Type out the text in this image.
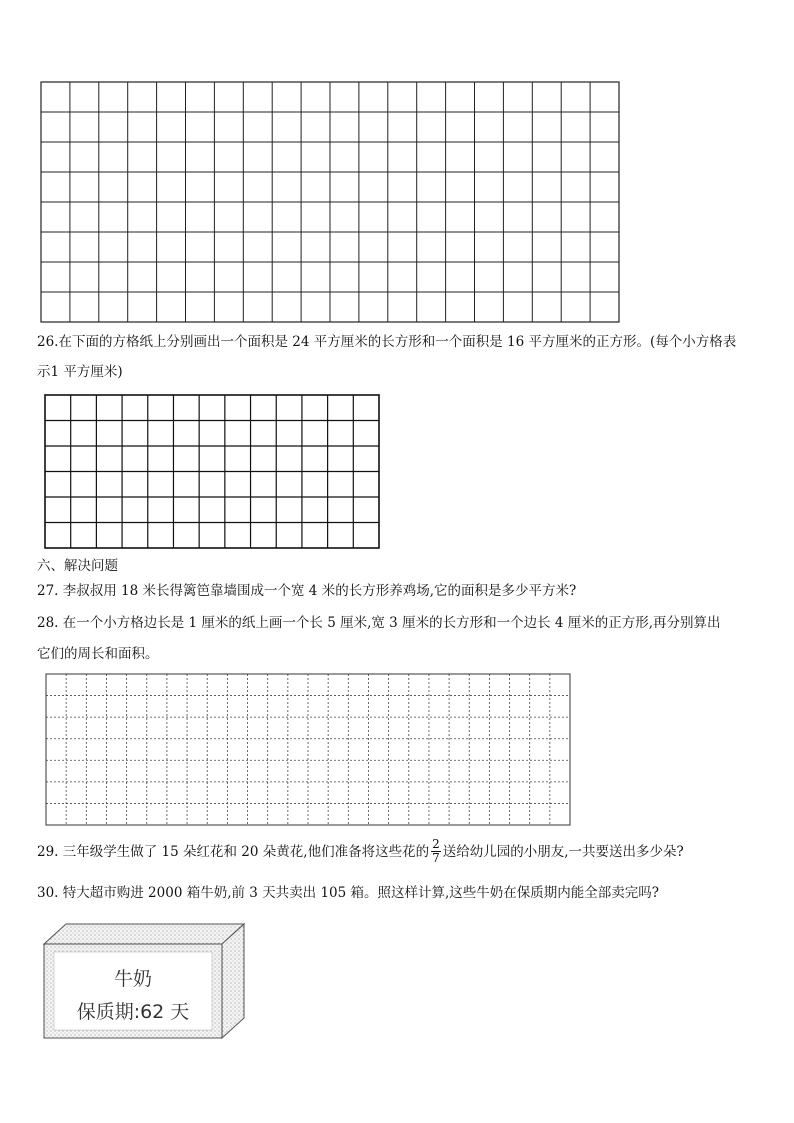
26.在下面的方格纸上分别画出一个面积是 24 平方厘米的长方形和一个面积是 16 平方厘米的正方形。(每个小方格表
示1 平方厘米)
六、解决问题
27. 李叔叔用 18 米长得篱笆靠墙围成一个宽 4 米的长方形养鸡场,它的面积是多少平方米?
28. 在一个小方格边长是 1 厘米的纸上画一个长 5 厘米,宽 3 厘米的长方形和一个边长 4 厘米的正方形,再分别算出
它们的周长和面积。
29. 三年级学生做了 15 朵红花和 20 朵黄花,他们准备将这些花的 $\frac{2}{7}$ 送给幼儿园的小朋友,一共要送出多少朵?
30. 特大超市购进 2000 箱牛奶,前 3 天共卖出 105 箱。照这样计算,这些牛奶在保质期内能全部卖完吗?
牛奶
保质期:62 天
